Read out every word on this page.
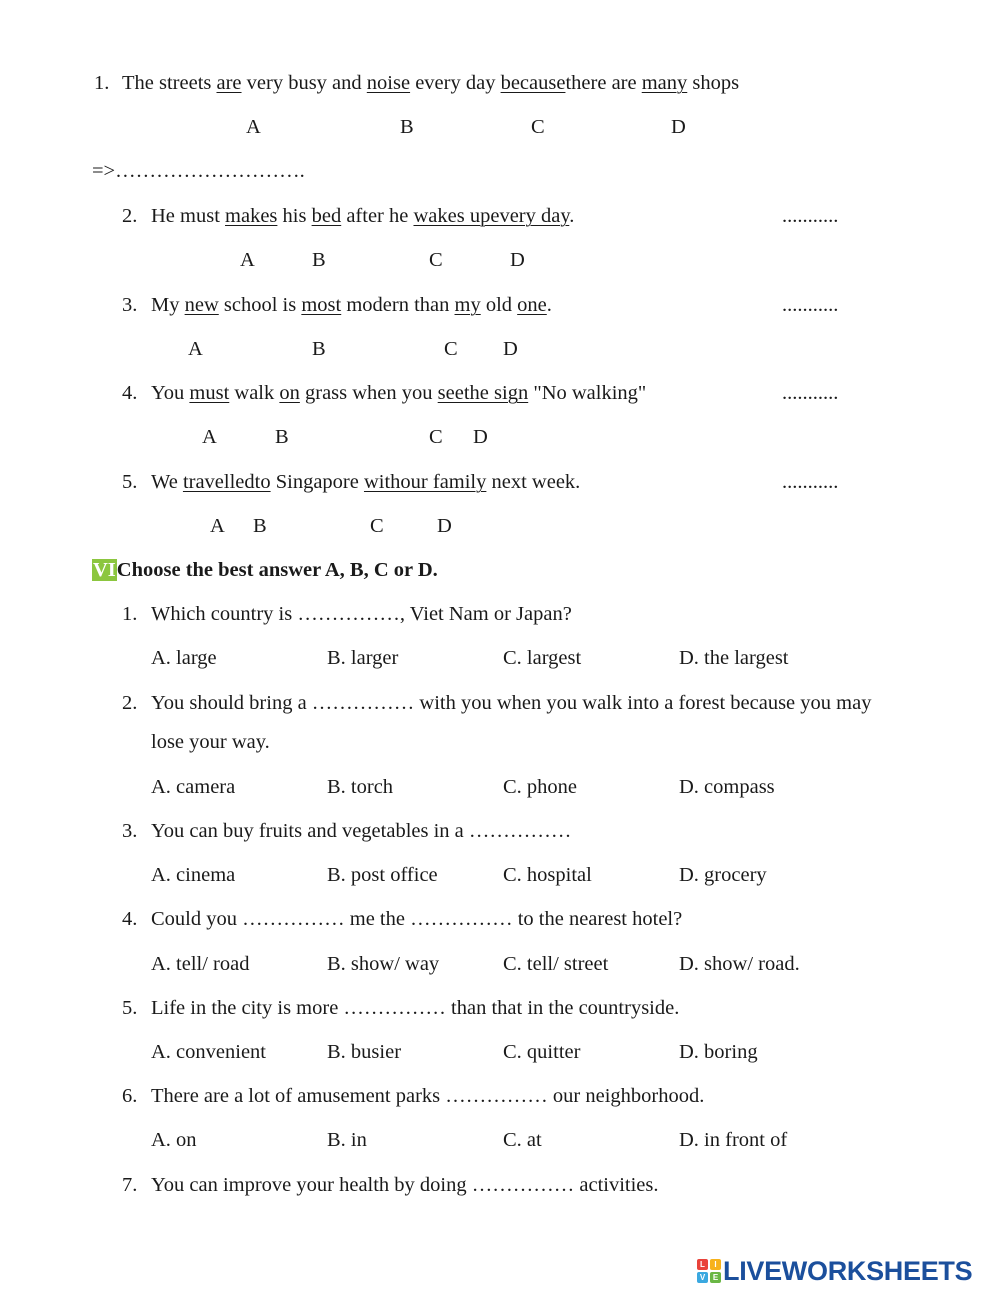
1. The streets are very busy and noise every day becausethere are many shops
A	B	C	D
=>……………………….
2. He must makes his bed after he wakes upevery day.	...........
A	B	C	D
3. My new school is most modern than my old one.	...........
A	B	C D
4. You must walk on grass when you seethe sign "No walking"	...........
A	B	C D
5. We travelledto Singapore withour family next week.	...........
A B	C	D
VIChoose the best answer A, B, C or D.
1. Which country is ……………, Viet Nam or Japan?
A. large	B. larger	C. largest	D. the largest
2. You should bring a …………… with you when you walk into a forest because you may
lose your way.
A. camera	B. torch	C. phone	D. compass
3. You can buy fruits and vegetables in a ……………
A. cinema	B. post office	C. hospital	D. grocery
4. Could you …………… me the …………… to the nearest hotel?
A. tell/ road	B. show/ way	C. tell/ street	D. show/ road.
5. Life in the city is more …………… than that in the countryside.
A. convenient	B. busier	C. quitter	D. boring
6. There are a lot of amusement parks …………… our neighborhood.
A. on	B. in	C. at	D. in front of
7. You can improve your health by doing …………… activities.
L	I
V E LIVEWORKSHEETS
